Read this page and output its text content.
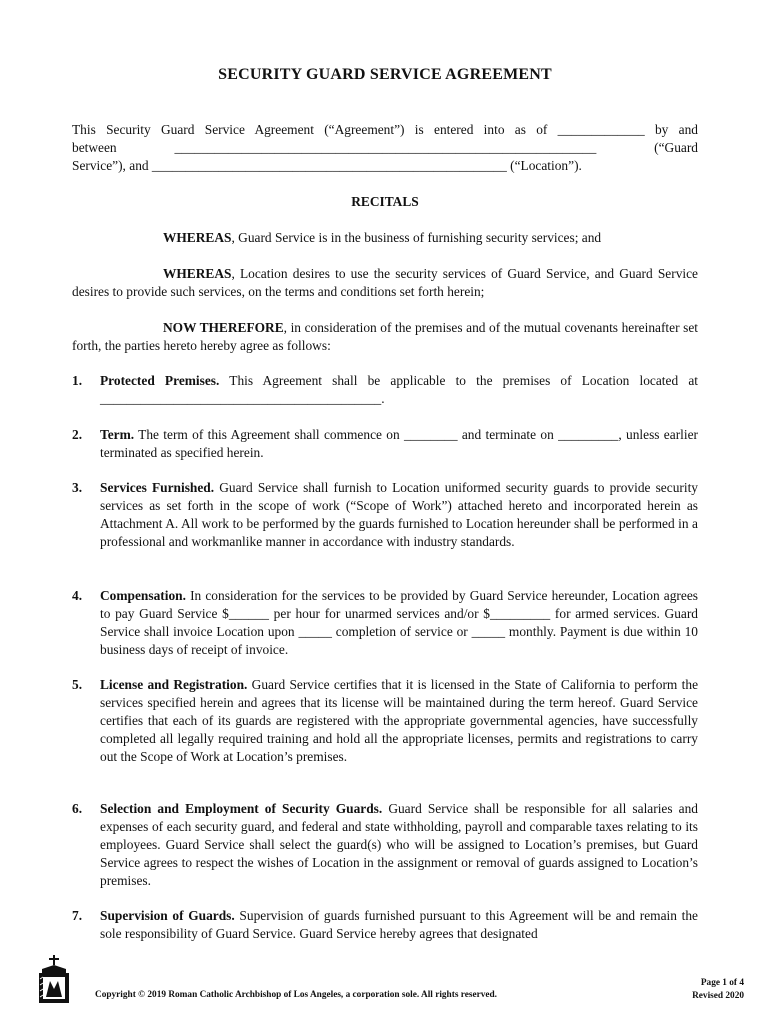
SECURITY GUARD SERVICE AGREEMENT
This Security Guard Service Agreement (“Agreement”) is entered into as of _____________ by and
between	_______________________________________________________________	(“Guard
Service”), and _____________________________________________________ (“Location”).
RECITALS
WHEREAS, Guard Service is in the business of furnishing security services; and
WHEREAS, Location desires to use the security services of Guard Service, and Guard Service desires to provide such services, on the terms and conditions set forth herein;
NOW THEREFORE, in consideration of the premises and of the mutual covenants hereinafter set forth, the parties hereto hereby agree as follows:
1. Protected Premises. This Agreement shall be applicable to the premises of Location located at __________________________________________.
2. Term. The term of this Agreement shall commence on ________ and terminate on _________, unless earlier terminated as specified herein.
3. Services Furnished. Guard Service shall furnish to Location uniformed security guards to provide security services as set forth in the scope of work (“Scope of Work”) attached hereto and incorporated herein as Attachment A. All work to be performed by the guards furnished to Location hereunder shall be performed in a professional and workmanlike manner in accordance with industry standards.
4. Compensation. In consideration for the services to be provided by Guard Service hereunder, Location agrees to pay Guard Service $______ per hour for unarmed services and/or $_________ for armed services. Guard Service shall invoice Location upon _____ completion of service or _____ monthly. Payment is due within 10 business days of receipt of invoice.
5. License and Registration. Guard Service certifies that it is licensed in the State of California to perform the services specified herein and agrees that its license will be maintained during the term hereof. Guard Service certifies that each of its guards are registered with the appropriate governmental agencies, have successfully completed all legally required training and hold all the appropriate licenses, permits and registrations to carry out the Scope of Work at Location’s premises.
6. Selection and Employment of Security Guards. Guard Service shall be responsible for all salaries and expenses of each security guard, and federal and state withholding, payroll and comparable taxes relating to its employees. Guard Service shall select the guard(s) who will be assigned to Location’s premises, but Guard Service agrees to respect the wishes of Location in the assignment or removal of guards assigned to Location’s premises.
7. Supervision of Guards. Supervision of guards furnished pursuant to this Agreement will be and remain the sole responsibility of Guard Service. Guard Service hereby agrees that designated
Copyright © 2019 Roman Catholic Archbishop of Los Angeles, a corporation sole. All rights reserved.
Page 1 of 4
Revised 2020
